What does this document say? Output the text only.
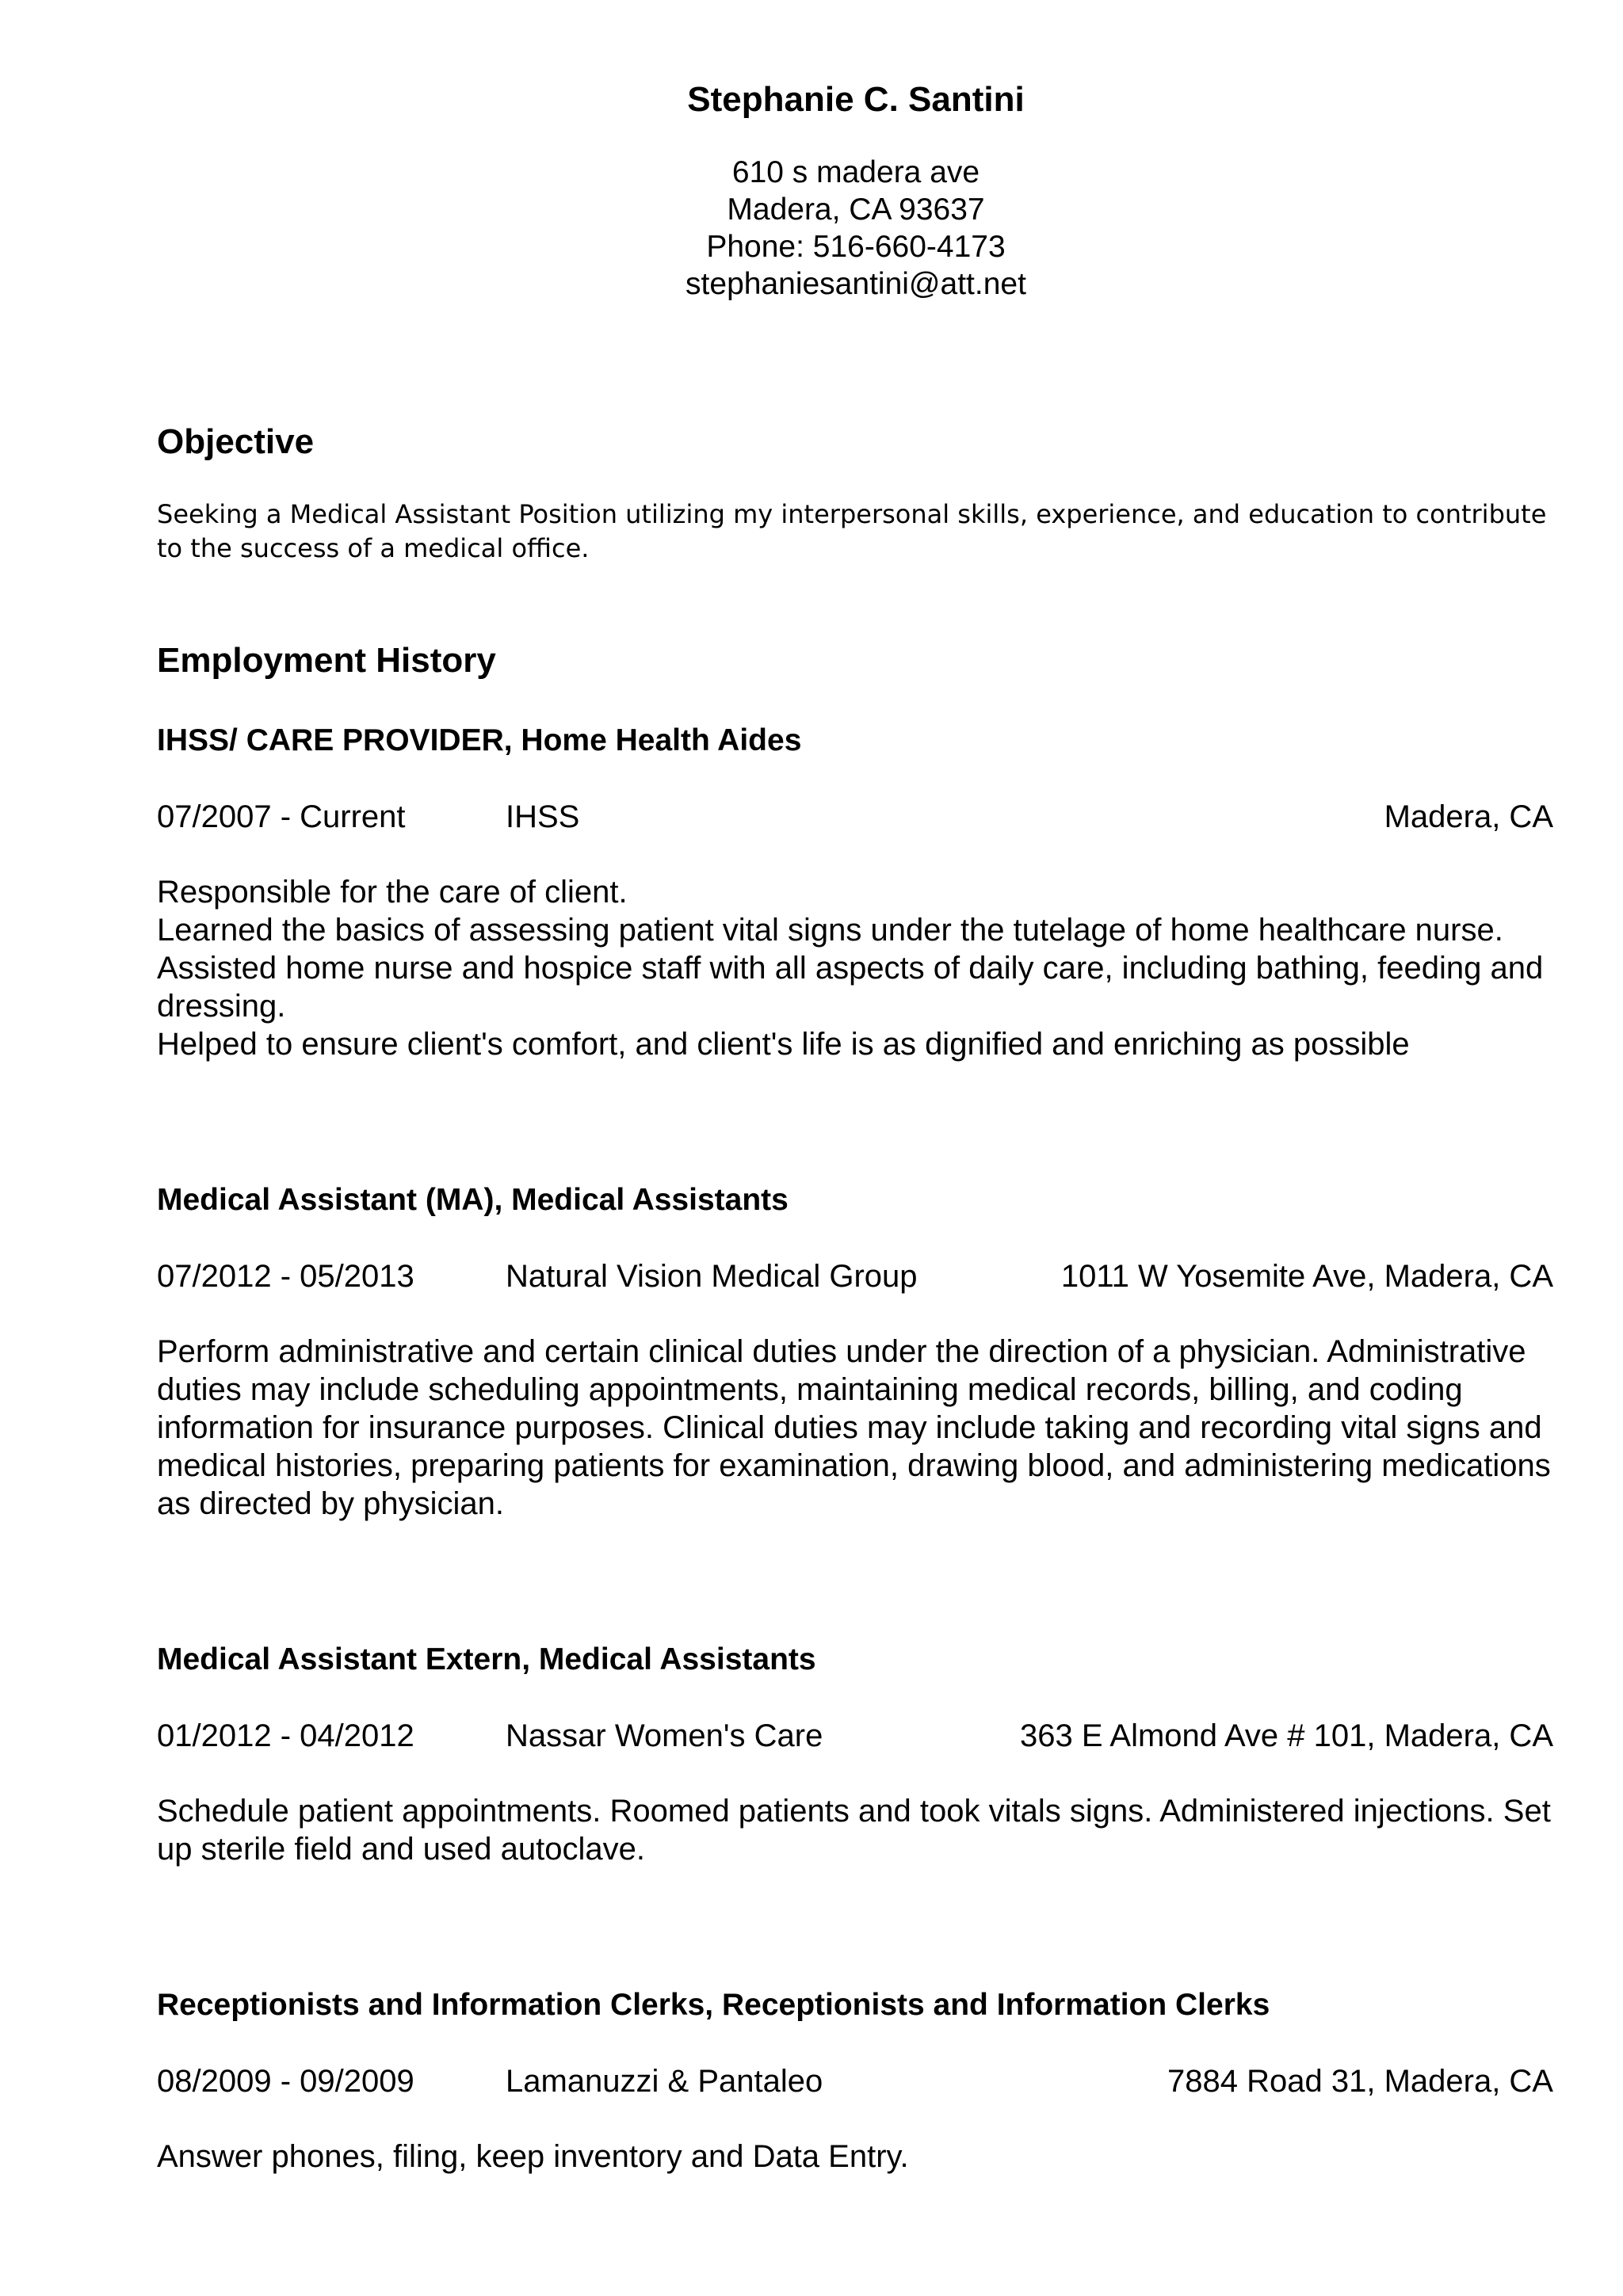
Stephanie C. Santini
610 s madera ave
Madera, CA 93637
Phone: 516-660-4173
stephaniesantini@att.net
Objective
Seeking a Medical Assistant Position utilizing my interpersonal skills, experience, and education to contribute to the success of a medical office.
Employment History
IHSS/ CARE PROVIDER, Home Health Aides
07/2007 - Current	IHSS	Madera, CA
Responsible for the care of client.
Learned the basics of assessing patient vital signs under the tutelage of home healthcare nurse.
Assisted home nurse and hospice staff with all aspects of daily care, including bathing, feeding and dressing.
Helped to ensure client's comfort, and client's life is as dignified and enriching as possible
Medical Assistant (MA), Medical Assistants
07/2012 - 05/2013	Natural Vision Medical Group	1011 W Yosemite Ave, Madera, CA
Perform administrative and certain clinical duties under the direction of a physician. Administrative duties may include scheduling appointments, maintaining medical records, billing, and coding information for insurance purposes. Clinical duties may include taking and recording vital signs and medical histories, preparing patients for examination, drawing blood, and administering medications as directed by physician.
Medical Assistant Extern, Medical Assistants
01/2012 - 04/2012	Nassar Women's Care	363 E Almond Ave # 101, Madera, CA
Schedule patient appointments. Roomed patients and took vitals signs. Administered injections. Set up sterile field and used autoclave.
Receptionists and Information Clerks, Receptionists and Information Clerks
08/2009 - 09/2009	Lamanuzzi & Pantaleo	7884 Road 31, Madera, CA
Answer phones, filing, keep inventory and Data Entry.
